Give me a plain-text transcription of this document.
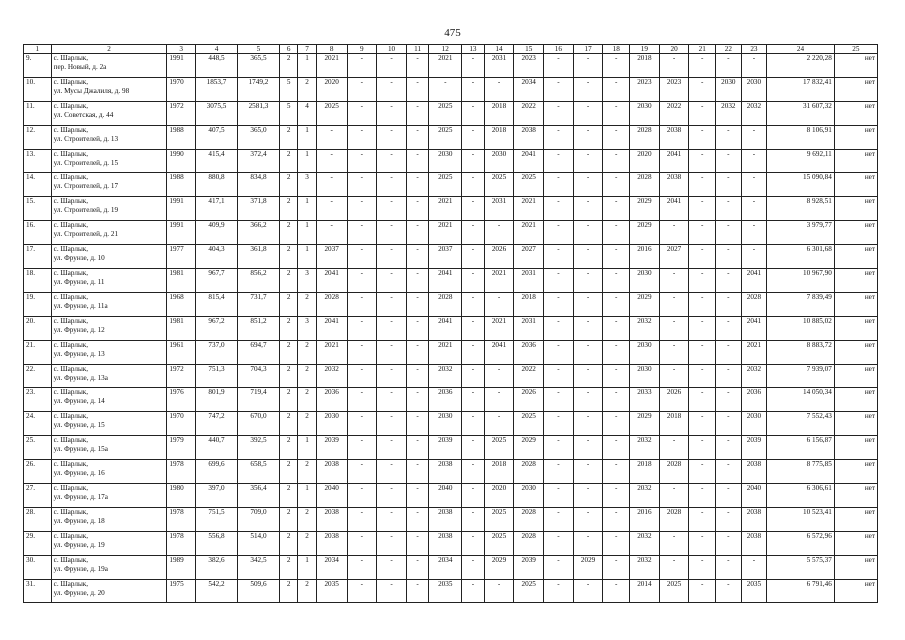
475
1	2	3	4	5	6	7	8	9	10	11	12	13	14	15	16	17	18	19	20	21	22	23	24	25
9.	с. Шарлык,
пер. Новый, д. 2а	1991	448,5	365,5	2	1	2021	-	-	-	2021	-	2031	2023	-	-	-	2018	-	-	-	-	2 220,28	нет
10.	с. Шарлык,
ул. Мусы Джалиля, д. 98	1970	1853,7	1749,2	5	2	2020	-	-	-	-	-	-	2034	-	-	-	2023	2023	-	2030	2030	17 832,41	нет
11.	с. Шарлык,
ул. Советская, д. 44	1972	3075,5	2581,3	5	4	2025	-	-	-	2025	-	2018	2022	-	-	-	2030	2022	-	2032	2032	31 607,32	нет
12.	с. Шарлык,
ул. Строителей, д. 13	1988	407,5	365,0	2	1	-	-	-	-	2025	-	2018	2038	-	-	-	2028	2038	-	-	-	8 106,91	нет
13.	с. Шарлык,
ул. Строителей, д. 15	1990	415,4	372,4	2	1	-	-	-	-	2030	-	2030	2041	-	-	-	2020	2041	-	-	-	9 692,11	нет
14.	с. Шарлык,
ул. Строителей, д. 17	1988	880,8	834,8	2	3	-	-	-	-	2025	-	2025	2025	-	-	-	2028	2038	-	-	-	15 090,84	нет
15.	с. Шарлык,
ул. Строителей, д. 19	1991	417,1	371,8	2	1	-	-	-	-	2021	-	2031	2021	-	-	-	2029	2041	-	-	-	8 928,51	нет
16.	с. Шарлык,
ул. Строителей, д. 21	1991	409,9	366,2	2	1	-	-	-	-	2021	-	-	2021	-	-	-	2029	-	-	-	-	3 979,77	нет
17.	с. Шарлык,
ул. Фрунзе, д. 10	1977	404,3	361,8	2	1	2037	-	-	-	2037	-	2026	2027	-	-	-	2016	2027	-	-	-	6 301,68	нет
18.	с. Шарлык,
ул. Фрунзе, д. 11	1981	967,7	856,2	2	3	2041	-	-	-	2041	-	2021	2031	-	-	-	2030	-	-	-	2041	10 967,90	нет
19.	с. Шарлык,
ул. Фрунзе, д. 11а	1968	815,4	731,7	2	2	2028	-	-	-	2028	-	-	2018	-	-	-	2029	-	-	-	2028	7 839,49	нет
20.	с. Шарлык,
ул. Фрунзе, д. 12	1981	967,2	851,2	2	3	2041	-	-	-	2041	-	2021	2031	-	-	-	2032	-	-	-	2041	10 885,02	нет
21.	с. Шарлык,
ул. Фрунзе, д. 13	1961	737,0	694,7	2	2	2021	-	-	-	2021	-	2041	2036	-	-	-	2030	-	-	-	2021	8 883,72	нет
22.	с. Шарлык,
ул. Фрунзе, д. 13а	1972	751,3	704,3	2	2	2032	-	-	-	2032	-	-	2022	-	-	-	2030	-	-	-	2032	7 939,07	нет
23.	с. Шарлык,
ул. Фрунзе, д. 14	1976	801,9	719,4	2	2	2036	-	-	-	2036	-	-	2026	-	-	-	2033	2026	-	-	2036	14 050,34	нет
24.	с. Шарлык,
ул. Фрунзе, д. 15	1970	747,2	670,0	2	2	2030	-	-	-	2030	-	-	2025	-	-	-	2029	2018	-	-	2030	7 552,43	нет
25.	с. Шарлык,
ул. Фрунзе, д. 15а	1979	440,7	392,5	2	1	2039	-	-	-	2039	-	2025	2029	-	-	-	2032	-	-	-	2039	6 156,87	нет
26.	с. Шарлык,
ул. Фрунзе, д. 16	1978	699,6	658,5	2	2	2038	-	-	-	2038	-	2018	2028	-	-	-	2018	2028	-	-	2038	8 775,85	нет
27.	с. Шарлык,
ул. Фрунзе, д. 17а	1980	397,0	356,4	2	1	2040	-	-	-	2040	-	2020	2030	-	-	-	2032	-	-	-	2040	6 306,61	нет
28.	с. Шарлык,
ул. Фрунзе, д. 18	1978	751,5	709,0	2	2	2038	-	-	-	2038	-	2025	2028	-	-	-	2016	2028	-	-	2038	10 523,41	нет
29.	с. Шарлык,
ул. Фрунзе, д. 19	1978	556,8	514,0	2	2	2038	-	-	-	2038	-	2025	2028	-	-	-	2032	-	-	-	2038	6 572,96	нет
30.	с. Шарлык,
ул. Фрунзе, д. 19а	1989	382,6	342,5	2	1	2034	-	-	-	2034	-	2029	2039	-	2029	-	2032	-	-	-	-	5 575,37	нет
31.	с. Шарлык,
ул. Фрунзе, д. 20	1975	542,2	509,6	2	2	2035	-	-	-	2035	-	-	2025	-	-	-	2014	2025	-	-	2035	6 791,46	нет
